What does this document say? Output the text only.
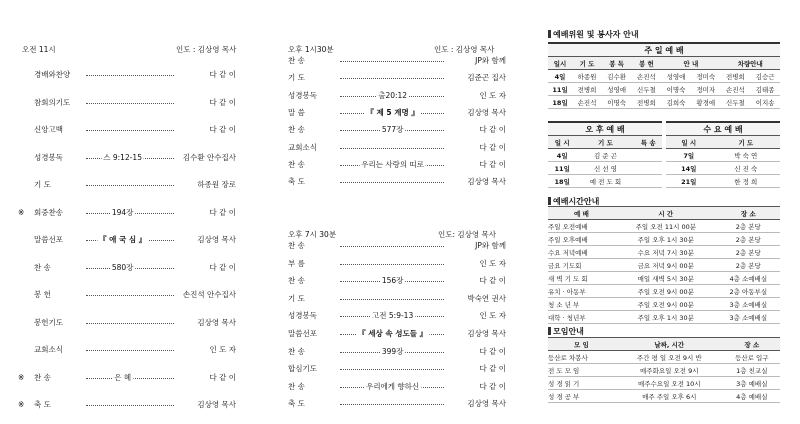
오전 11시	인도 : 김상영 목사
경배와찬양	다 같 이
참회의기도	다 같 이
신앙고백	다 같 이
성경봉독	스 9:12-15	김수환 안수집사
기 도	하종원 장로
※ 회중찬송	194장	다 같 이
말씀선포	『 애 국 심 』	김상영 목사
찬 송	580장	다 같 이
봉 헌	손진석 안수집사
봉헌기도	김상영 목사
교회소식	인 도 자
※ 찬 송	은 혜	다 같 이
※ 축 도	김상영 목사
오후 1시30분	인도 : 김상영 목사
찬 송	JP와 함께
기 도	김준곤 집사
성경봉독	출20:12	인 도 자
말 씀	『 제 5 계명 』	김상영 목사
찬 송	577장	다 같 이
교회소식	다 같 이
찬 송	우리는 사랑의 띠로	다 같 이
축 도	김상영 목사
오후 7시 30분	인도: 김상영 목사
찬 송	JP와 함께
부 름	인 도 자
찬 송	156장	다 같 이
기 도	박숙연 권사
성경봉독	고전 5:9-13	인 도 자
말씀선포	『 세상 속 성도들 』	김상영 목사
찬 송	399장	다 같 이
합심기도	다 같 이
찬 송	우리에게 향하신	다 같 이
축 도	김상영 목사
예배위원 및 봉사자 안내
주 일 예 배
일시	기 도	봉 독	봉 헌	안 내		차량안내	
4일	하종원	김수환	손진석	성영애	정미숙	전병희	김승근
11일	전병희	성영애	신두철	이명숙	정미자	손진석	김태종
18일	손진석	이명숙	전병희	김희숙	황경애	신두철	이지송
오 후 예 배
일 시	기 도	특 송
4일	김 준 곤	
11일	신 선 영	
18일	예 전 도 회	
수 요 예 배
일 시	기 도
7일	박 숙 연
14일	신 진 숙
21일	한 정 희
예배시간안내
예 배	시 간	장 소
주일 오전예배	주일 오전 11시 00분	2층 본당
주일 오후예배	주일 오후 1시 30분	2층 본당
수요 저녁예배	수요 저녁 7시 30분	2층 본당
금요 기도회	금요 저녁 9시 00분	2층 본당
새 벽 기 도 회	매일 새벽 5시 30분	4층 소예배실
유치 · 아동부	주일 오전 9시 00분	2층 아동부실
청 소 년 부	주일 오전 9시 00분	3층 소예배실
대학 · 청년부	주일 오후 1시 30분	3층 소예배실
모임안내
모 임	날짜, 시간	장 소
등산로 차봉사	주간 평 일 오전 9시 반	등산로 입구
전 도 모 임	매주화요일 오전 9시	1층 친교실
성 경 읽 기	매주수요일 오전 10시	3층 예배실
성 경 공 부	매주 주일 오후 6시	4층 예배실
